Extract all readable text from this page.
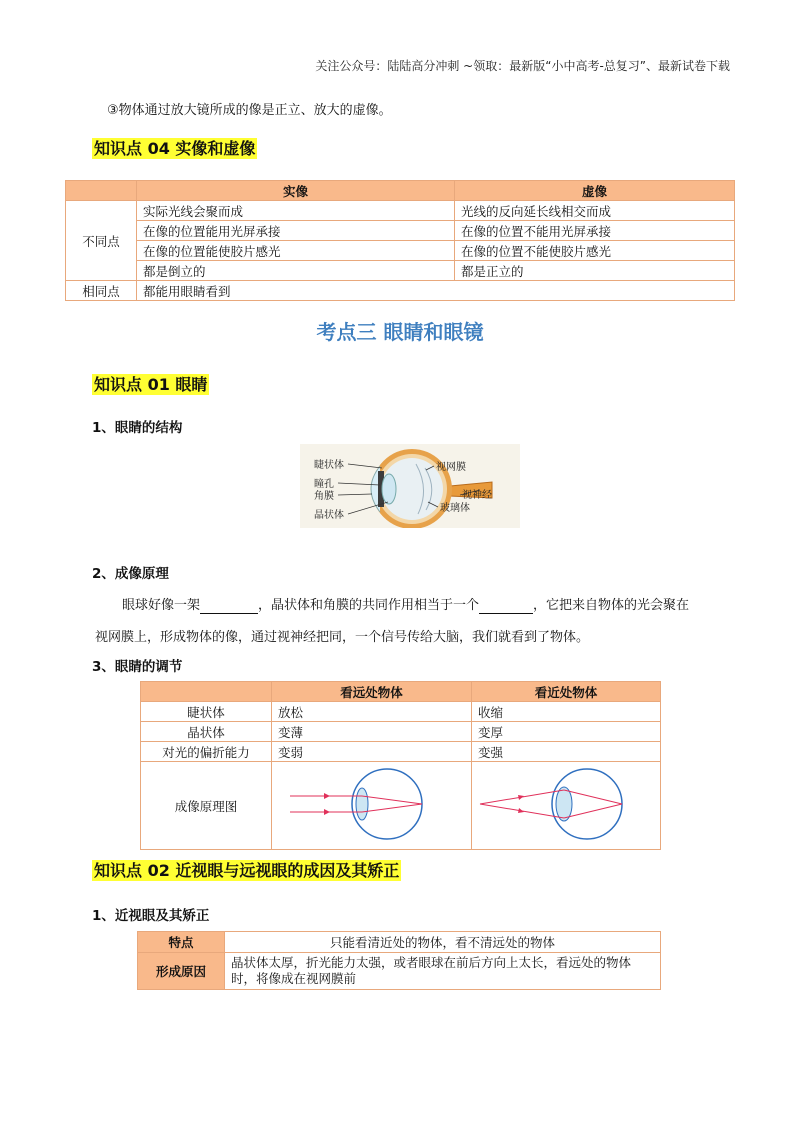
关注公众号：陆陆高分冲刺 ~领取：最新版“小中高考-总复习”、最新试卷下载
③物体通过放大镜所成的像是正立、放大的虚像。
知识点 04 实像和虚像
	实像	虚像
不同点	实际光线会聚而成	光线的反向延长线相交而成
	在像的位置能用光屏承接	在像的位置不能用光屏承接
	在像的位置能使胶片感光	在像的位置不能使胶片感光
	都是倒立的	都是正立的
相同点	都能用眼睛看到	
考点三 眼睛和眼镜
知识点 01 眼睛
1、眼睛的结构
睫状体
瞳孔
角膜
晶状体
视网膜
视神经
玻璃体
2、成像原理
眼球好像一架	，晶状体和角膜的共同作用相当于一个	，它把来自物体的光会聚在
视网膜上，形成物体的像，通过视神经把同，一个信号传给大脑，我们就看到了物体。
3、眼睛的调节
	看远处物体	看近处物体
睫状体	放松	收缩
晶状体	变薄	变厚
对光的偏折能力	变弱	变强
成像原理图		
知识点 02 近视眼与远视眼的成因及其矫正
1、近视眼及其矫正
特点	只能看清近处的物体，看不清远处的物体
形成原因	晶状体太厚，折光能力太强，或者眼球在前后方向上太长，看远处的物体时，将像成在视网膜前
